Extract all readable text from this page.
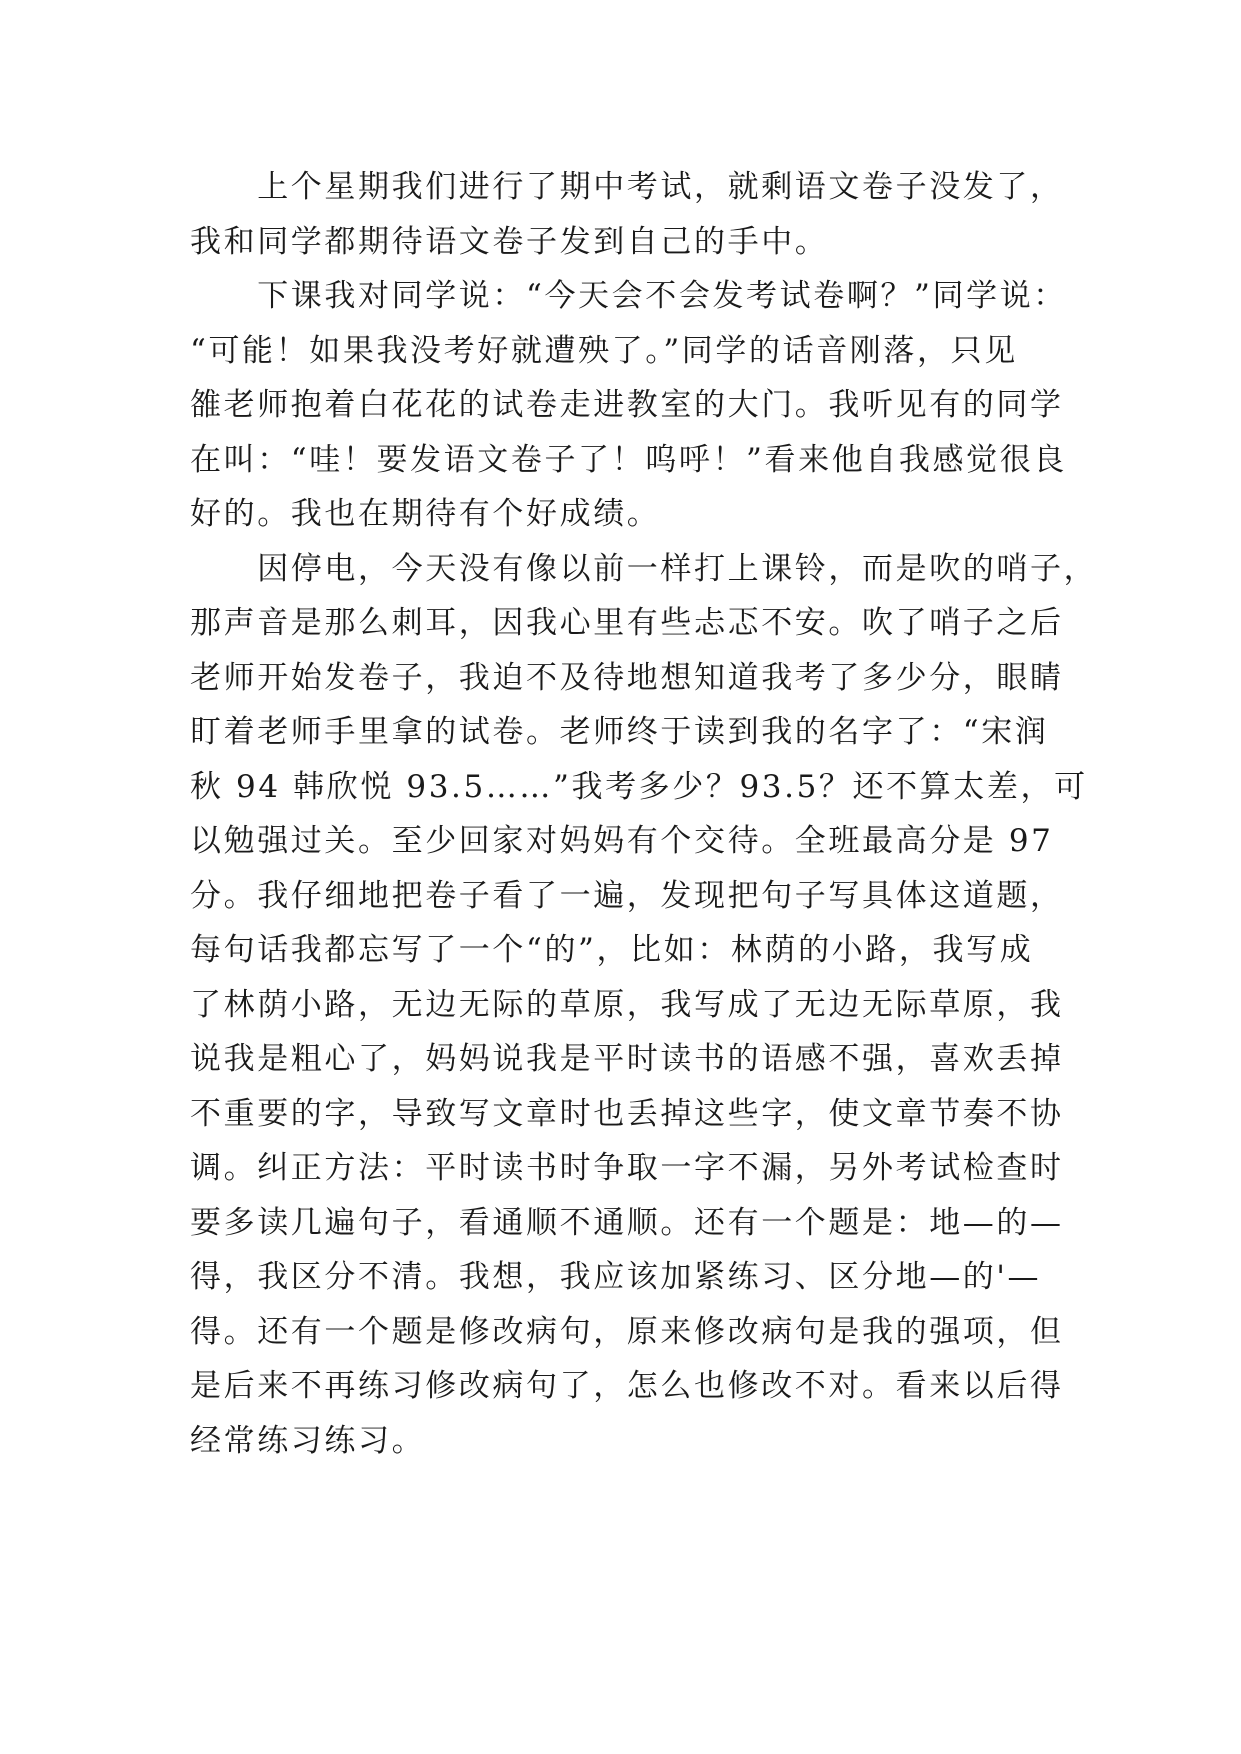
　　上个星期我们进行了期中考试，就剩语文卷子没发了，
我和同学都期待语文卷子发到自己的手中。
　　下课我对同学说：“今天会不会发考试卷啊？”同学说：
“可能！如果我没考好就遭殃了。”同学的话音刚落，只见
雒老师抱着白花花的试卷走进教室的大门。我听见有的同学
在叫：“哇！要发语文卷子了！呜呼！”看来他自我感觉很良
好的。我也在期待有个好成绩。
　　因停电，今天没有像以前一样打上课铃，而是吹的哨子，
那声音是那么刺耳，因我心里有些忐忑不安。吹了哨子之后
老师开始发卷子，我迫不及待地想知道我考了多少分，眼睛
盯着老师手里拿的试卷。老师终于读到我的名字了：“宋润
秋 94 韩欣悦 93.5……”我考多少？93.5？还不算太差，可
以勉强过关。至少回家对妈妈有个交待。全班最高分是 97
分。我仔细地把卷子看了一遍，发现把句子写具体这道题，
每句话我都忘写了一个“的”，比如：林荫的小路，我写成
了林荫小路，无边无际的草原，我写成了无边无际草原，我
说我是粗心了，妈妈说我是平时读书的语感不强，喜欢丢掉
不重要的字，导致写文章时也丢掉这些字，使文章节奏不协
调。纠正方法：平时读书时争取一字不漏，另外考试检查时
要多读几遍句子，看通顺不通顺。还有一个题是：地—的—
得，我区分不清。我想，我应该加紧练习、区分地—的'—
得。还有一个题是修改病句，原来修改病句是我的强项，但
是后来不再练习修改病句了，怎么也修改不对。看来以后得
经常练习练习。
